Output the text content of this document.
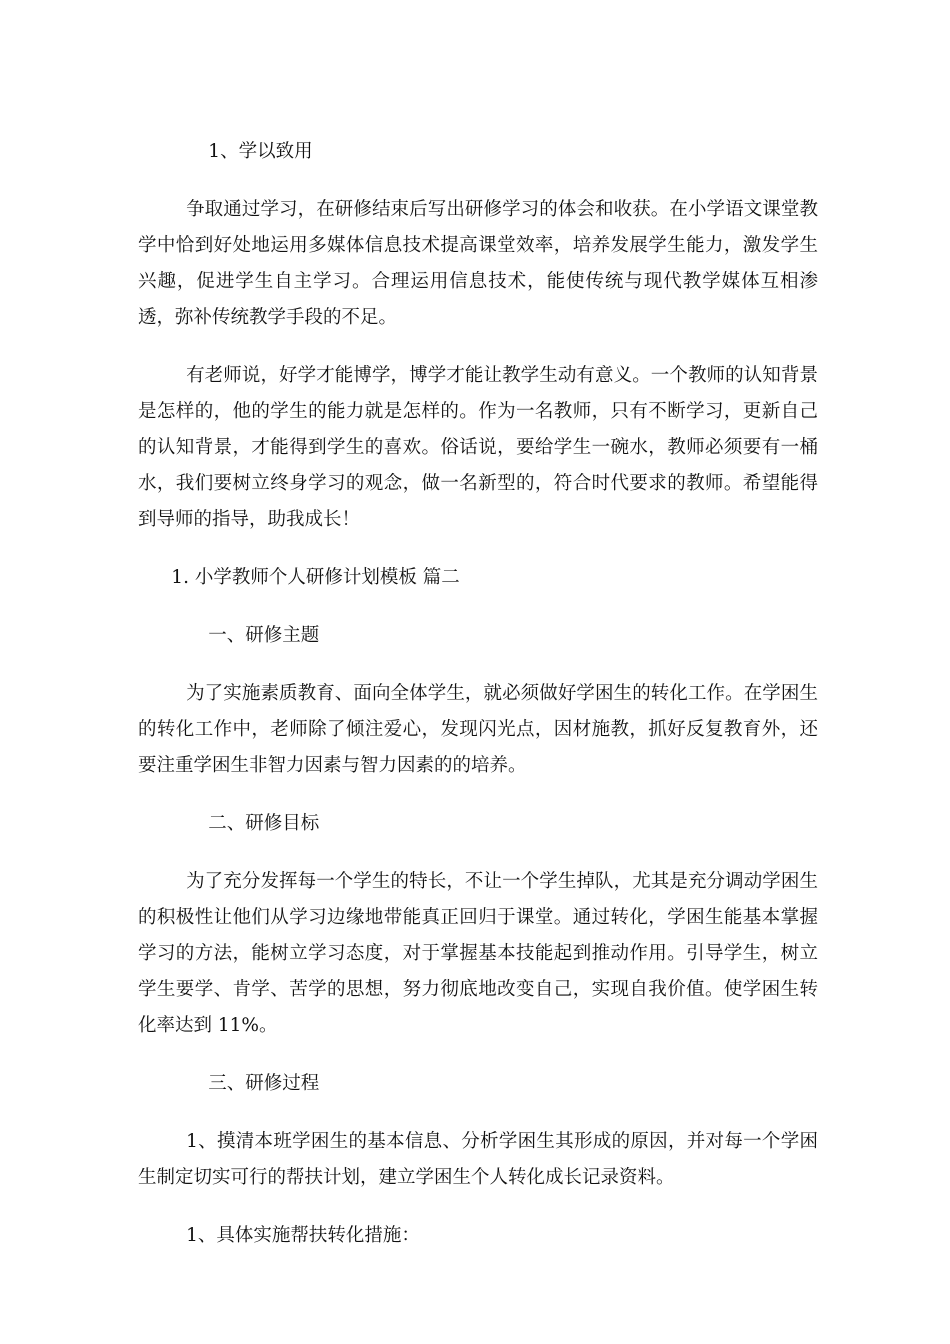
1、学以致用

争取通过学习，在研修结束后写出研修学习的体会和收获。在小学语文课堂教学中恰到好处地运用多媒体信息技术提高课堂效率，培养发展学生能力，激发学生兴趣，促进学生自主学习。合理运用信息技术，能使传统与现代教学媒体互相渗透，弥补传统教学手段的不足。

有老师说，好学才能博学，博学才能让教学生动有意义。一个教师的认知背景是怎样的，他的学生的能力就是怎样的。作为一名教师，只有不断学习，更新自己的认知背景，才能得到学生的喜欢。俗话说，要给学生一碗水，教师必须要有一桶水，我们要树立终身学习的观念，做一名新型的，符合时代要求的教师。希望能得到导师的指导，助我成长！

1. 小学教师个人研修计划模板 篇二

一、研修主题

为了实施素质教育、面向全体学生，就必须做好学困生的转化工作。在学困生的转化工作中，老师除了倾注爱心，发现闪光点，因材施教，抓好反复教育外，还要注重学困生非智力因素与智力因素的的培养。

二、研修目标

为了充分发挥每一个学生的特长，不让一个学生掉队，尤其是充分调动学困生的积极性让他们从学习边缘地带能真正回归于课堂。通过转化，学困生能基本掌握学习的方法，能树立学习态度，对于掌握基本技能起到推动作用。引导学生，树立学生要学、肯学、苦学的思想，努力彻底地改变自己，实现自我价值。使学困生转化率达到 11%。

三、研修过程

1、摸清本班学困生的基本信息、分析学困生其形成的原因，并对每一个学困生制定切实可行的帮扶计划，建立学困生个人转化成长记录资料。

1、具体实施帮扶转化措施：
